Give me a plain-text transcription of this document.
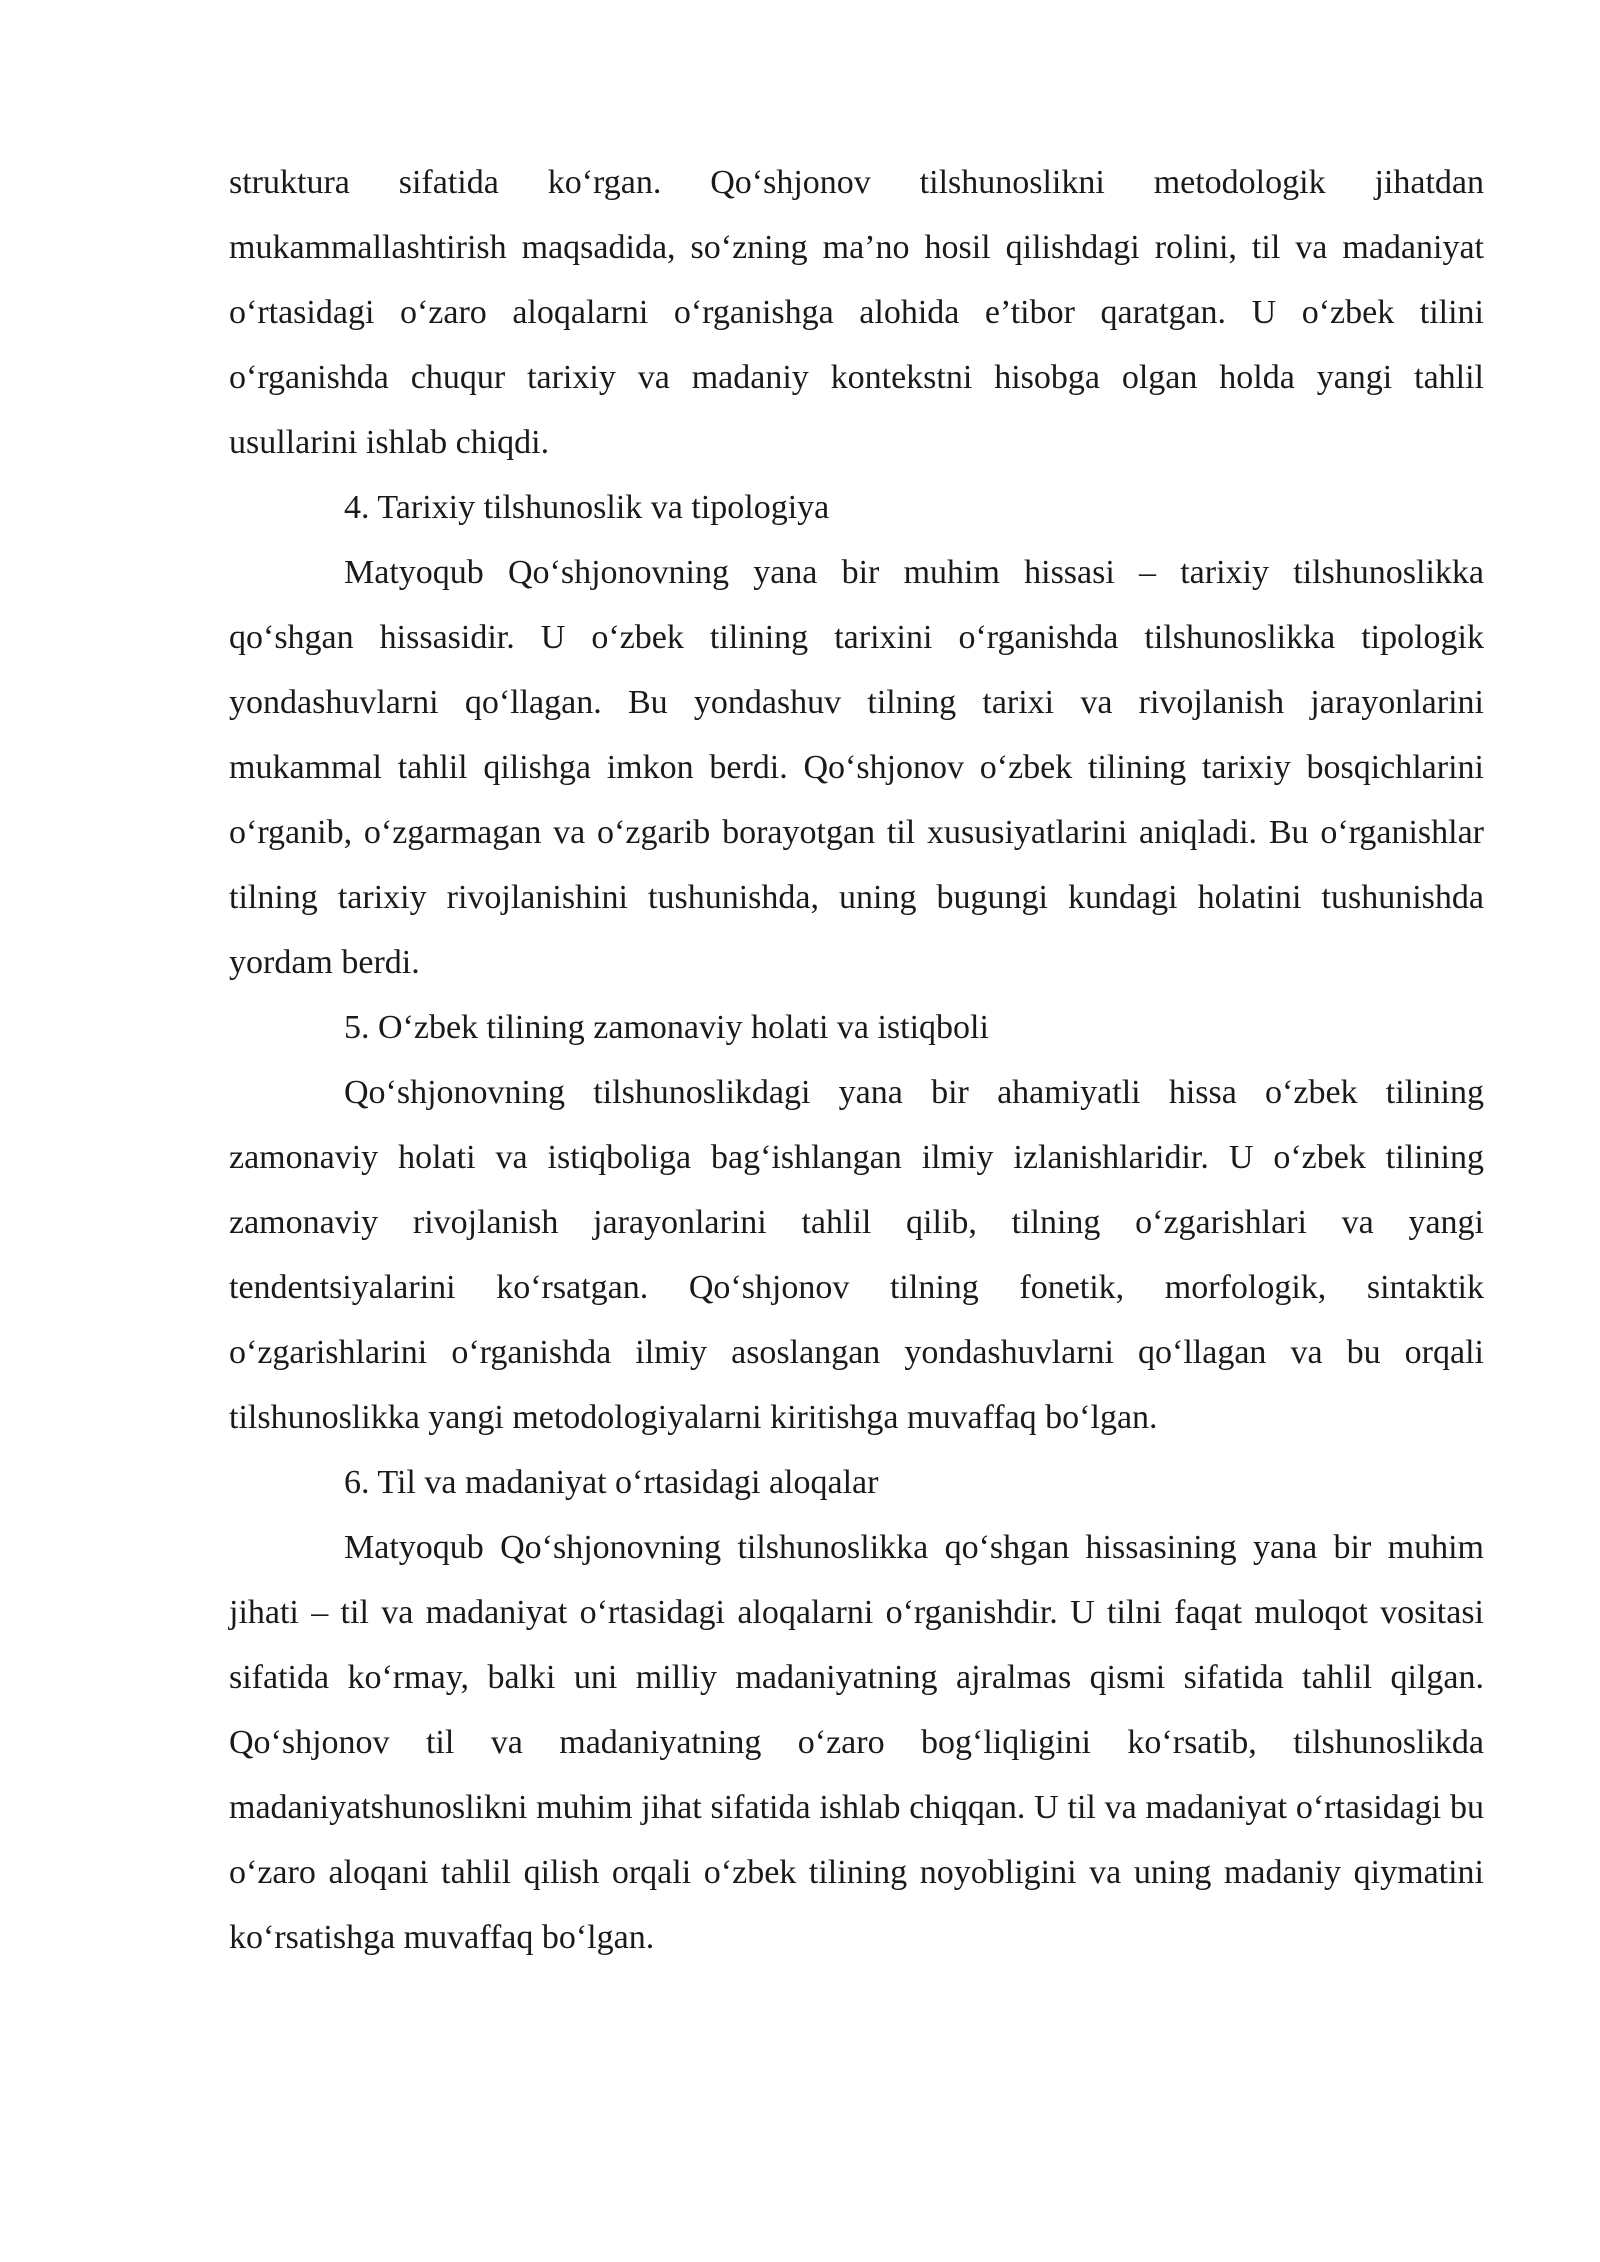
struktura sifatida ko‘rgan. Qo‘shjonov tilshunoslikni metodologik jihatdan mukammallashtirish maqsadida, so‘zning ma’no hosil qilishdagi rolini, til va madaniyat o‘rtasidagi o‘zaro aloqalarni o‘rganishga alohida e’tibor qaratgan. U o‘zbek tilini o‘rganishda chuqur tarixiy va madaniy kontekstni hisobga olgan holda yangi tahlil usullarini ishlab chiqdi.

4. Tarixiy tilshunoslik va tipologiya

Matyoqub Qo‘shjonovning yana bir muhim hissasi – tarixiy tilshunoslikka qo‘shgan hissasidir. U o‘zbek tilining tarixini o‘rganishda tilshunoslikka tipologik yondashuvlarni qo‘llagan. Bu yondashuv tilning tarixi va rivojlanish jarayonlarini mukammal tahlil qilishga imkon berdi. Qo‘shjonov o‘zbek tilining tarixiy bosqichlarini o‘rganib, o‘zgarmagan va o‘zgarib borayotgan til xususiyatlarini aniqladi. Bu o‘rganishlar tilning tarixiy rivojlanishini tushunishda, uning bugungi kundagi holatini tushunishda yordam berdi.

5. O‘zbek tilining zamonaviy holati va istiqboli

Qo‘shjonovning tilshunoslikdagi yana bir ahamiyatli hissa o‘zbek tilining zamonaviy holati va istiqboliga bag‘ishlangan ilmiy izlanishlaridir. U o‘zbek tilining zamonaviy rivojlanish jarayonlarini tahlil qilib, tilning o‘zgarishlari va yangi tendentsiyalarini ko‘rsatgan. Qo‘shjonov tilning fonetik, morfologik, sintaktik o‘zgarishlarini o‘rganishda ilmiy asoslangan yondashuvlarni qo‘llagan va bu orqali tilshunoslikka yangi metodologiyalarni kiritishga muvaffaq bo‘lgan.

6. Til va madaniyat o‘rtasidagi aloqalar

Matyoqub Qo‘shjonovning tilshunoslikka qo‘shgan hissasining yana bir muhim jihati – til va madaniyat o‘rtasidagi aloqalarni o‘rganishdir. U tilni faqat muloqot vositasi sifatida ko‘rmay, balki uni milliy madaniyatning ajralmas qismi sifatida tahlil qilgan. Qo‘shjonov til va madaniyatning o‘zaro bog‘liqligini ko‘rsatib, tilshunoslikda madaniyatshunoslikni muhim jihat sifatida ishlab chiqqan. U til va madaniyat o‘rtasidagi bu o‘zaro aloqani tahlil qilish orqali o‘zbek tilining noyobligini va uning madaniy qiymatini ko‘rsatishga muvaffaq bo‘lgan.
